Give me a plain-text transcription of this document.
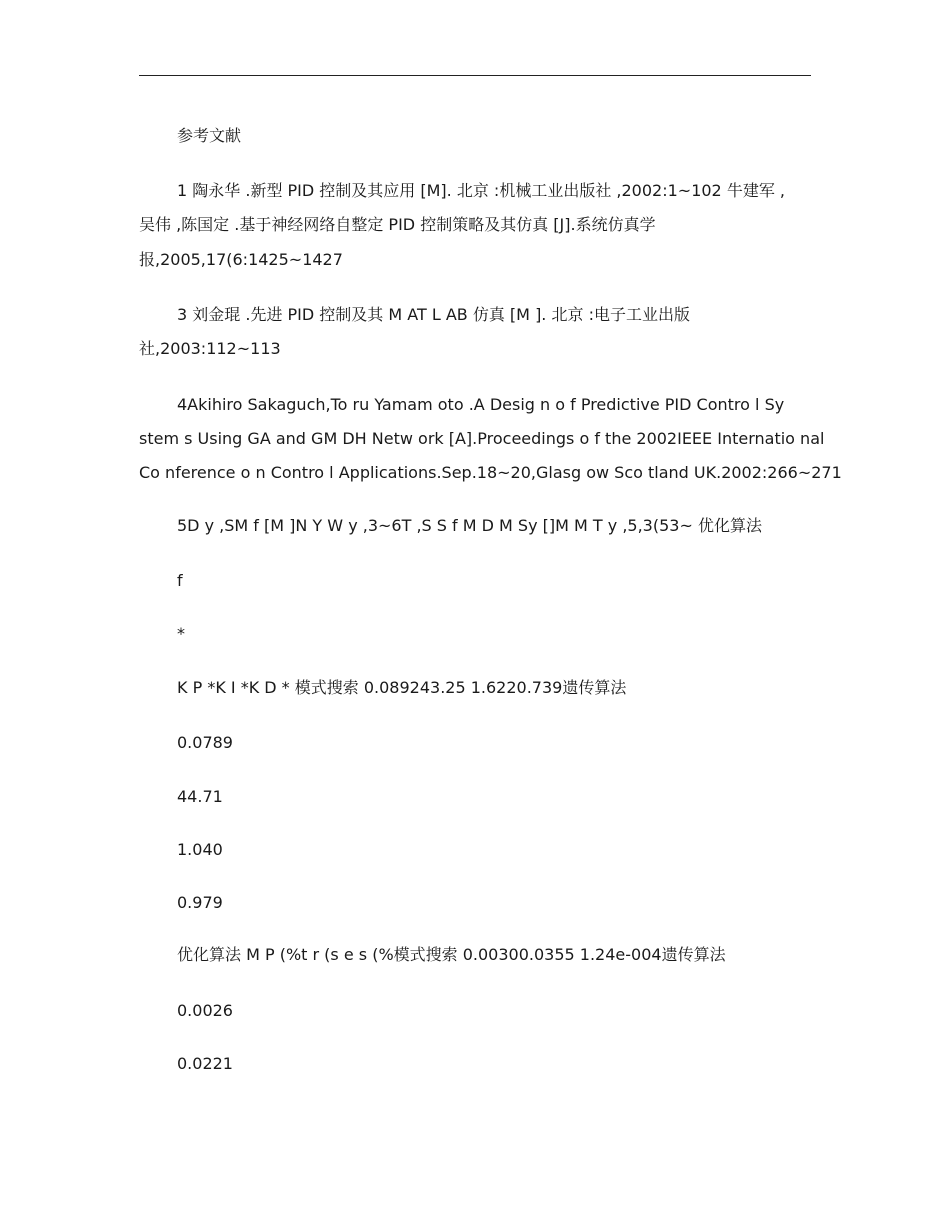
参考文献
1 陶永华 .新型 PID 控制及其应用 [M]. 北京 :机械工业出版社 ,2002:1~102 牛建军 ,
吴伟 ,陈国定 .基于神经网络自整定 PID 控制策略及其仿真 [J].系统仿真学
报,2005,17(6:1425~1427
3 刘金琨 .先进 PID 控制及其 M AT L AB 仿真 [M ]. 北京 :电子工业出版
社,2003:112~113
4Akihiro Sakaguch,To ru Yamam oto .A Desig n o f Predictive PID Contro l Sy
stem s Using GA and GM DH Netw ork [A].Proceedings o f the 2002IEEE Internatio nal
Co nference o n Contro l Applications.Sep.18~20,Glasg ow Sco tland UK.2002:266~271
5D y ,SM f [M ]N Y W y ,3~6T ,S S f M D M Sy []M M T y ,5,3(53~ 优化算法
f
*
K P *K I *K D * 模式搜索 0.089243.25 1.6220.739遗传算法
0.0789
44.71
1.040
0.979
优化算法 M P (%t r (s e s (%模式搜索 0.00300.0355 1.24e-004遗传算法
0.0026
0.0221
